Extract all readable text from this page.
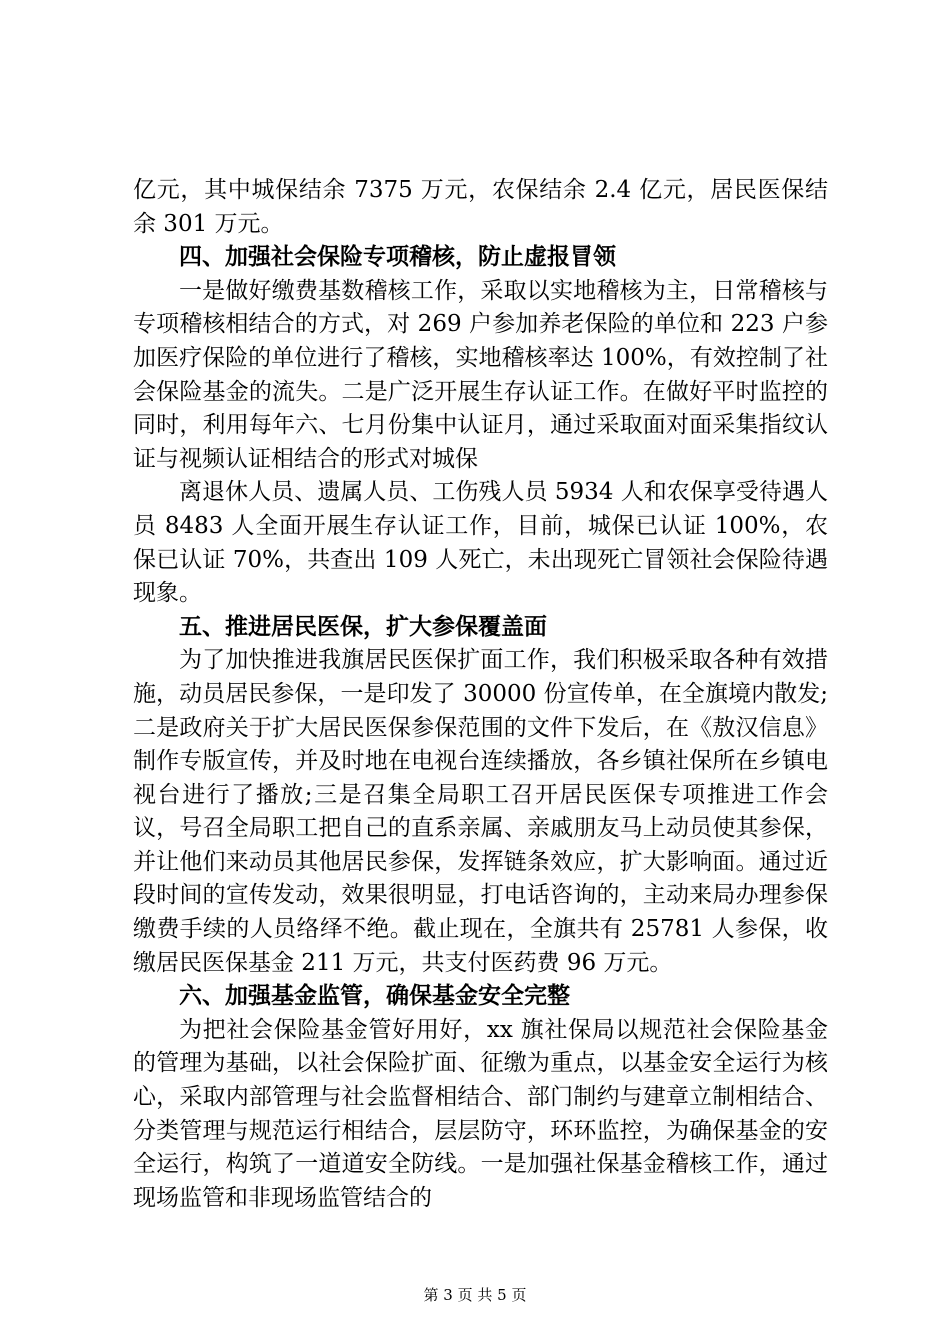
亿元，其中城保结余 7375 万元，农保结余 2.4 亿元，居民医保结余 301 万元。

四、加强社会保险专项稽核，防止虚报冒领

一是做好缴费基数稽核工作，采取以实地稽核为主，日常稽核与专项稽核相结合的方式，对 269 户参加养老保险的单位和 223 户参加医疗保险的单位进行了稽核，实地稽核率达 100%，有效控制了社会保险基金的流失。二是广泛开展生存认证工作。在做好平时监控的同时，利用每年六、七月份集中认证月，通过采取面对面采集指纹认证与视频认证相结合的形式对城保

离退休人员、遗属人员、工伤残人员 5934 人和农保享受待遇人员 8483 人全面开展生存认证工作，目前，城保已认证 100%，农保已认证 70%，共查出 109 人死亡，未出现死亡冒领社会保险待遇现象。

五、推进居民医保，扩大参保覆盖面

为了加快推进我旗居民医保扩面工作，我们积极采取各种有效措施，动员居民参保，一是印发了 30000 份宣传单，在全旗境内散发;二是政府关于扩大居民医保参保范围的文件下发后，在《敖汉信息》制作专版宣传，并及时地在电视台连续播放，各乡镇社保所在乡镇电视台进行了播放;三是召集全局职工召开居民医保专项推进工作会议，号召全局职工把自己的直系亲属、亲戚朋友马上动员使其参保，并让他们来动员其他居民参保，发挥链条效应，扩大影响面。通过近段时间的宣传发动，效果很明显，打电话咨询的，主动来局办理参保缴费手续的人员络绎不绝。截止现在，全旗共有 25781 人参保，收缴居民医保基金 211 万元，共支付医药费 96 万元。

六、加强基金监管，确保基金安全完整

为把社会保险基金管好用好，xx 旗社保局以规范社会保险基金的管理为基础，以社会保险扩面、征缴为重点，以基金安全运行为核心，采取内部管理与社会监督相结合、部门制约与建章立制相结合、分类管理与规范运行相结合，层层防守，环环监控，为确保基金的安全运行，构筑了一道道安全防线。一是加强社保基金稽核工作，通过现场监管和非现场监管结合的

第 3 页 共 5 页
